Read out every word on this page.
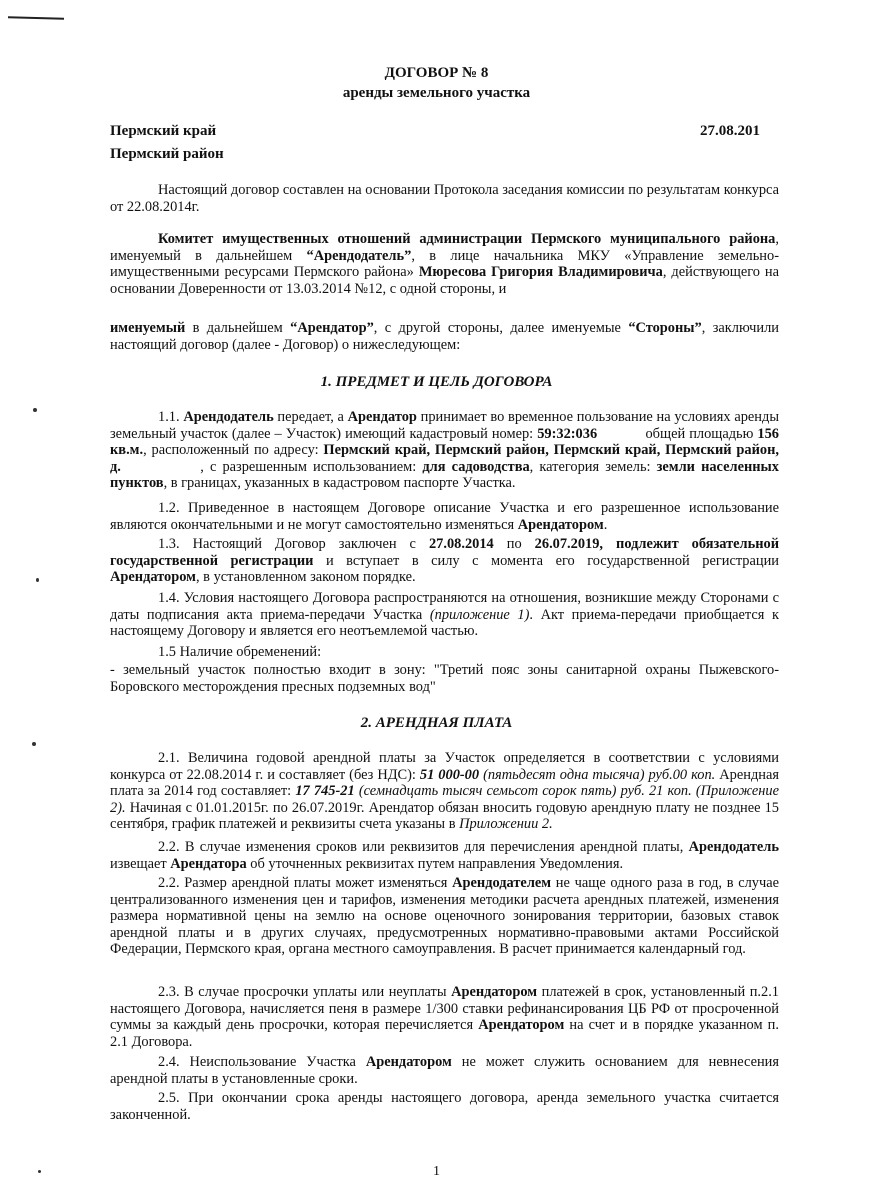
ДОГОВОР № 8
аренды земельного участка
Пермский край
Пермский район
27.08.201
Настоящий договор составлен на основании Протокола заседания комиссии по результатам конкурса от 22.08.2014г.
Комитет имущественных отношений администрации Пермского муниципального района, именуемый в дальнейшем “Арендодатель”, в лице начальника МКУ «Управление земельно-имущественными ресурсами Пермского района» Мюресова Григория Владимировича, действующего на основании Доверенности от 13.03.2014 №12, с одной стороны, и
именуемый в дальнейшем “Арендатор”, с другой стороны, далее именуемые “Стороны”, заключили настоящий договор (далее - Договор) о нижеследующем:
1. ПРЕДМЕТ И ЦЕЛЬ ДОГОВОРА
1.1. Арендодатель передает, а Арендатор принимает во временное пользование на условиях аренды земельный участок (далее – Участок) имеющий кадастровый номер: 59:32:036            общей площадью 156 кв.м., расположенный по адресу: Пермский край, Пермский район, Пермский край, Пермский район, д.             , с разрешенным использованием: для садоводства, категория земель: земли населенных пунктов, в границах, указанных в кадастровом паспорте Участка.
1.2. Приведенное в настоящем Договоре описание Участка и его разрешенное использование являются окончательными и не могут самостоятельно изменяться Арендатором.
1.3. Настоящий Договор заключен с 27.08.2014 по 26.07.2019, подлежит обязательной государственной регистрации и вступает в силу с момента его государственной регистрации Арендатором, в установленном законом порядке.
1.4. Условия настоящего Договора распространяются на отношения, возникшие между Сторонами с даты подписания акта приема-передачи Участка (приложение 1). Акт приема-передачи приобщается к настоящему Договору и является его неотъемлемой частью.
1.5 Наличие обременений:
- земельный участок полностью входит в зону: "Третий пояс зоны санитарной охраны Пыжевского-Боровского месторождения пресных подземных вод"
2. АРЕНДНАЯ ПЛАТА
2.1. Величина годовой арендной платы за Участок определяется в соответствии с условиями конкурса от 22.08.2014 г. и составляет (без НДС): 51 000-00 (пятьдесят одна тысяча) руб.00 коп. Арендная плата за 2014 год составляет: 17 745-21 (семнадцать тысяч семьсот сорок пять) руб. 21 коп. (Приложение 2). Начиная с 01.01.2015г. по 26.07.2019г. Арендатор обязан вносить годовую арендную плату не позднее 15 сентября, график платежей и реквизиты счета указаны в Приложении 2.
2.2. В случае изменения сроков или реквизитов для перечисления арендной платы, Арендодатель извещает Арендатора об уточненных реквизитах путем направления Уведомления.
2.2. Размер арендной платы может изменяться Арендодателем не чаще одного раза в год, в случае централизованного изменения цен и тарифов, изменения методики расчета арендных платежей, изменения размера нормативной цены на землю на основе оценочного зонирования территории, базовых ставок арендной платы и в других случаях, предусмотренных нормативно-правовыми актами Российской Федерации, Пермского края, органа местного самоуправления. В расчет принимается календарный год.
2.3. В случае просрочки уплаты или неуплаты Арендатором платежей в срок, установленный п.2.1 настоящего Договора, начисляется пеня в размере 1/300 ставки рефинансирования ЦБ РФ от просроченной суммы за каждый день просрочки, которая перечисляется Арендатором на счет и в порядке указанном п. 2.1 Договора.
2.4. Неиспользование Участка Арендатором не может служить основанием для невнесения арендной платы в установленные сроки.
2.5. При окончании срока аренды настоящего договора, аренда земельного участка считается законченной.
1
